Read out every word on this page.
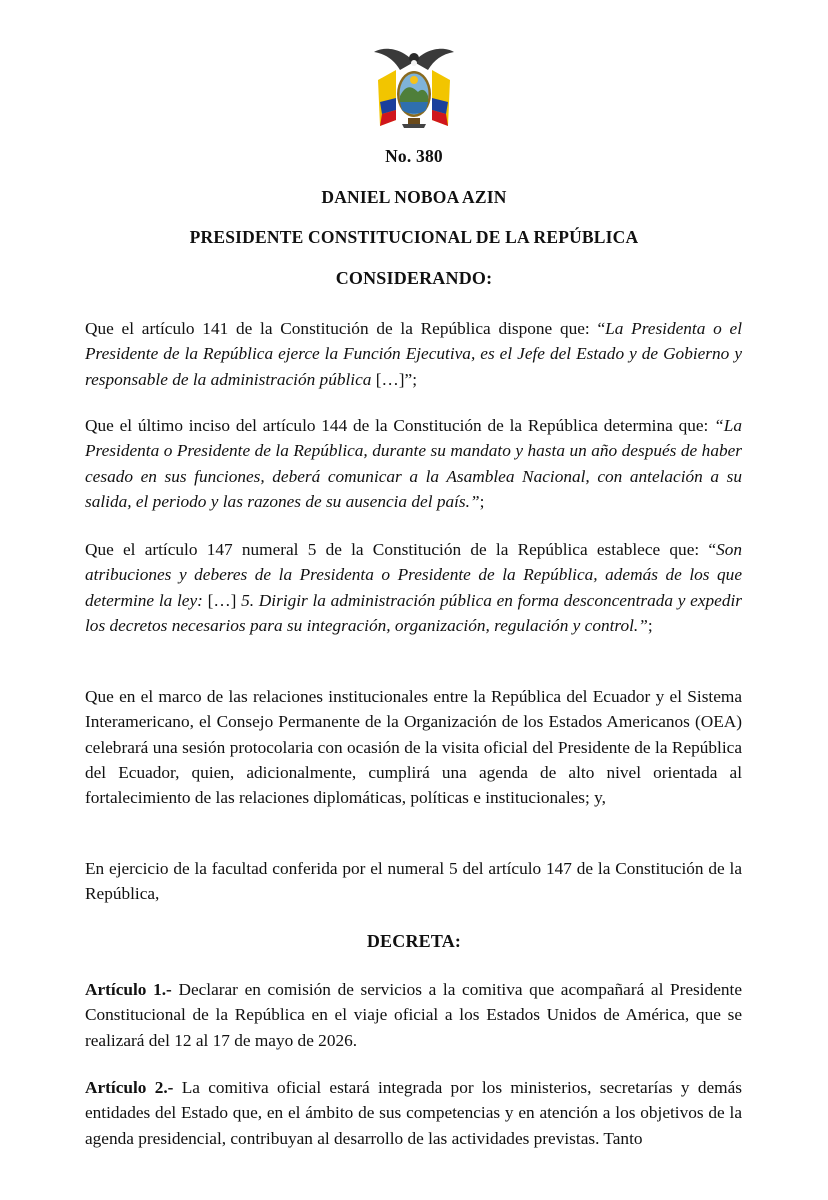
No. 380
DANIEL NOBOA AZIN
PRESIDENTE CONSTITUCIONAL DE LA REPÚBLICA
CONSIDERANDO:
Que el artículo 141 de la Constitución de la República dispone que: “La Presidenta o el Presidente de la República ejerce la Función Ejecutiva, es el Jefe del Estado y de Gobierno y responsable de la administración pública […]”;
Que el último inciso del artículo 144 de la Constitución de la República determina que: “La Presidenta o Presidente de la República, durante su mandato y hasta un año después de haber cesado en sus funciones, deberá comunicar a la Asamblea Nacional, con antelación a su salida, el periodo y las razones de su ausencia del país.”;
Que el artículo 147 numeral 5 de la Constitución de la República establece que: “Son atribuciones y deberes de la Presidenta o Presidente de la República, además de los que determine la ley: […] 5. Dirigir la administración pública en forma desconcentrada y expedir los decretos necesarios para su integración, organización, regulación y control.”;
Que en el marco de las relaciones institucionales entre la República del Ecuador y el Sistema Interamericano, el Consejo Permanente de la Organización de los Estados Americanos (OEA) celebrará una sesión protocolaria con ocasión de la visita oficial del Presidente de la República del Ecuador, quien, adicionalmente, cumplirá una agenda de alto nivel orientada al fortalecimiento de las relaciones diplomáticas, políticas e institucionales; y,
En ejercicio de la facultad conferida por el numeral 5 del artículo 147 de la Constitución de la República,
DECRETA:
Artículo 1.- Declarar en comisión de servicios a la comitiva que acompañará al Presidente Constitucional de la República en el viaje oficial a los Estados Unidos de América, que se realizará del 12 al 17 de mayo de 2026.
Artículo 2.- La comitiva oficial estará integrada por los ministerios, secretarías y demás entidades del Estado que, en el ámbito de sus competencias y en atención a los objetivos de la agenda presidencial, contribuyan al desarrollo de las actividades previstas. Tanto
